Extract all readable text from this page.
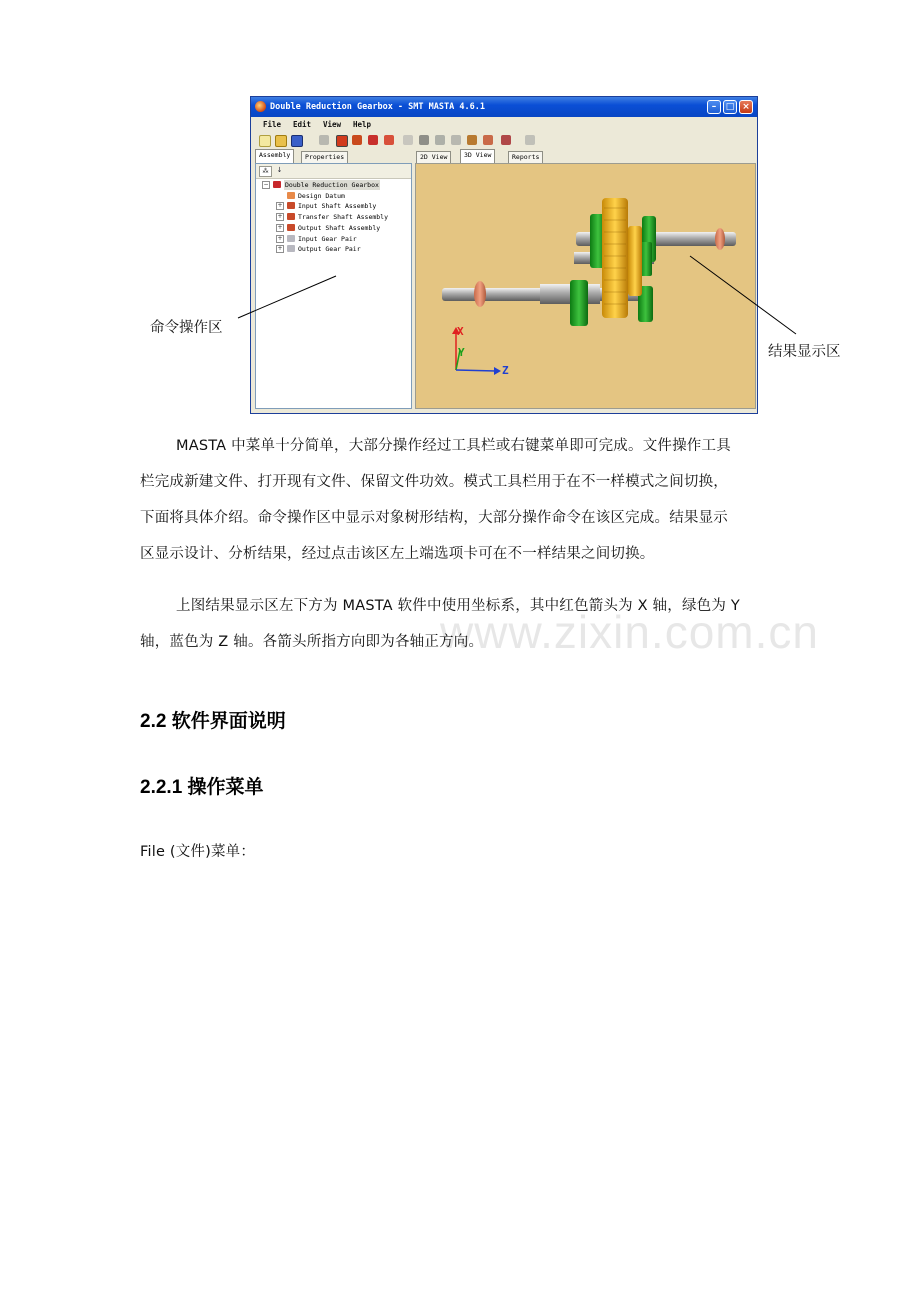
Double Reduction Gearbox - SMT MASTA 4.6.1	–	□ ×
File Edit View Help
Assembly	Properties
⁂	↓
−	Double Reduction Gearbox
Design Datum
+ Input Shaft Assembly
+ Transfer Shaft Assembly
+ Output Shaft Assembly
+ Input Gear Pair
+ Output Gear Pair
2D View	3D View	Reports
X
Y
Z
命令操作区
结果显示区
www.zixin.com.cn
MASTA 中菜单十分简单，大部分操作经过工具栏或右键菜单即可完成。文件操作工具
栏完成新建文件、打开现有文件、保留文件功效。模式工具栏用于在不一样模式之间切换，
下面将具体介绍。命令操作区中显示对象树形结构，大部分操作命令在该区完成。结果显示
区显示设计、分析结果，经过点击该区左上端选项卡可在不一样结果之间切换。
上图结果显示区左下方为 MASTA 软件中使用坐标系，其中红色箭头为 X 轴，绿色为 Y
轴，蓝色为 Z 轴。各箭头所指方向即为各轴正方向。
2.2 软件界面说明
2.2.1 操作菜单
File (文件)菜单：
